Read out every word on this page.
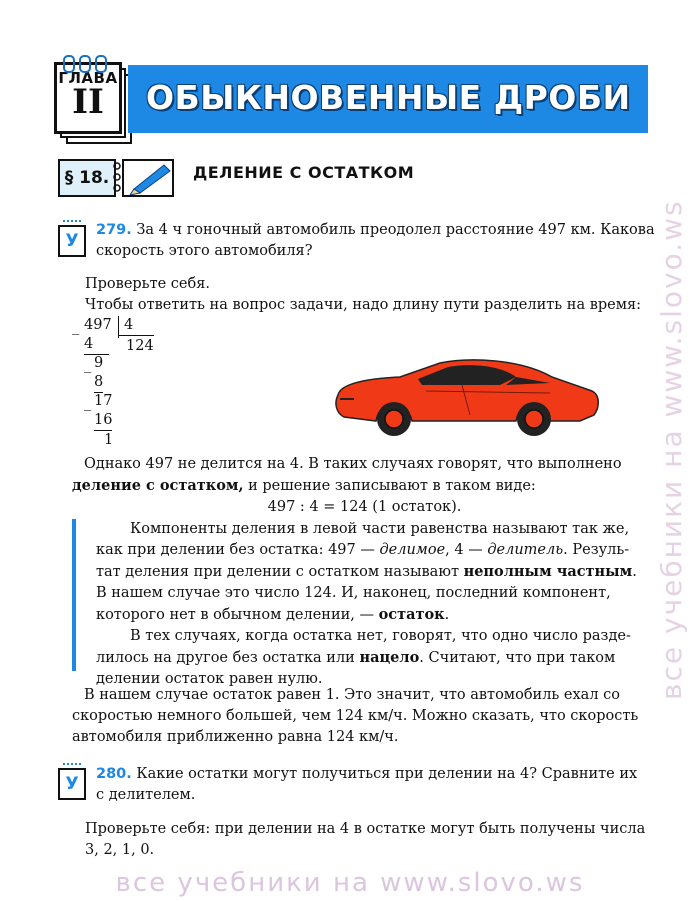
ГЛАВА
II	ОБЫКНОВЕННЫЕ ДРОБИ
§ 18.	ДЕЛЕНИЕ С ОСТАТКОМ
У
279. За 4 ч гоночный автомобиль преодолел расстояние 497 км. Какова
скорость этого автомобиля?
Проверьте себя.
Чтобы ответить на вопрос задачи, надо длину пути разделить на время:
_ 497 4
124
4
_ 9
8
_ 17
16
1
Однако 497 не делится на 4. В таких случаях говорят, что выполнено
деление с остатком, и решение записывают в таком виде:
497 : 4 = 124 (1 остаток).
Компоненты деления в левой части равенства называют так же,
как при делении без остатка: 497 — делимое, 4 — делитель. Резуль-
тат деления при делении с остатком называют неполным частным.
В нашем случае это число 124. И, наконец, последний компонент,
которого нет в обычном делении, — остаток.
В тех случаях, когда остатка нет, говорят, что одно число разде-
лилось на другое без остатка или нацело. Считают, что при таком
делении остаток равен нулю.
В нашем случае остаток равен 1. Это значит, что автомобиль ехал со
скоростью немного большей, чем 124 км/ч. Можно сказать, что скорость
автомобиля приближенно равна 124 км/ч.
У	280. Какие остатки могут получиться при делении на 4? Сравните их
с делителем.
Проверьте себя: при делении на 4 в остатке могут быть получены числа
3, 2, 1, 0.
все учебники на www.slovo.ws
все учебники на www.slovo.ws
